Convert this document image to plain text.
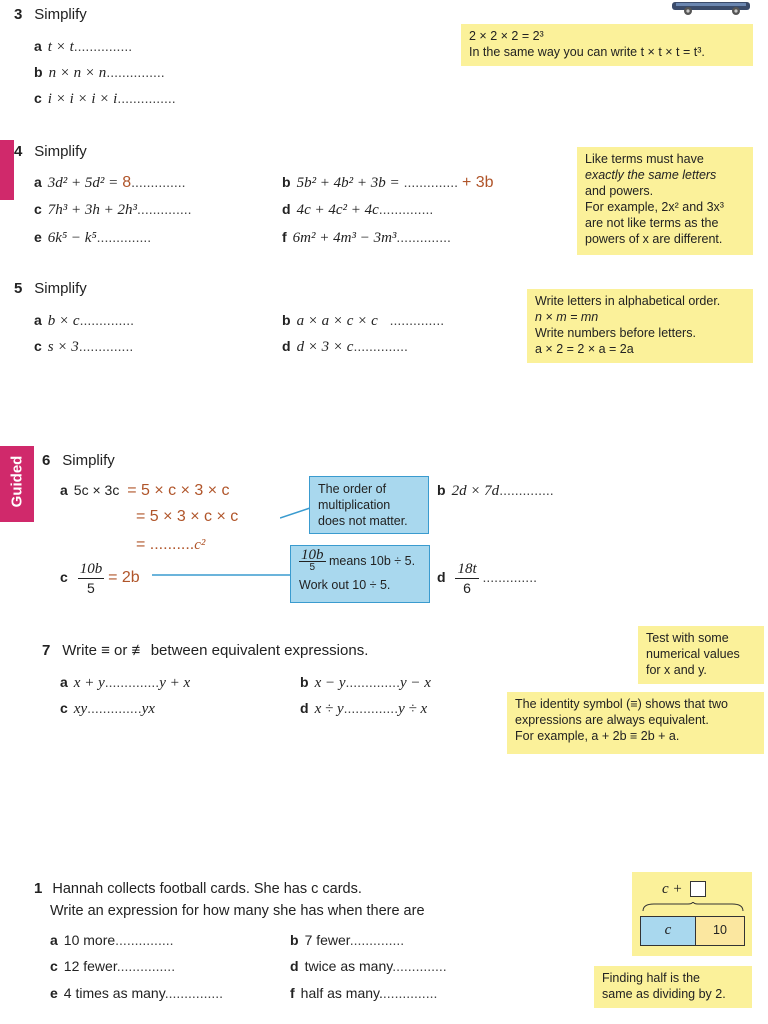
3 Simplify
a t × t...............
b n × n × n...............
c i × i × i × i...............
2 × 2 × 2 = 2³
In the same way you can write t × t × t = t³.
4 Simplify
a 3d² + 5d² = 8..............	b 5b² + 4b² + 3b = .............. + 3b
c 7h³ + 3h + 2h³..............	d 4c + 4c² + 4c..............
e 6k⁵ − k⁵..............	f 6m² + 4m³ − 3m³..............
Like terms must have
exactly the same letters
and powers.
For example, 2x² and 3x³
are not like terms as the
powers of x are different.
5 Simplify
a b × c..............	b a × a × c × c ..............
c s × 3..............	d d × 3 × c..............
Write letters in alphabetical order.
n × m = mn
Write numbers before letters.
a × 2 = 2 × a = 2a
Guided 6 Simplify
a 5c × 3c = 5 × c × 3 × c
= 5 × 3 × c × c
= ..........c²
The order of
multiplication
does not matter.
b 2d × 7d..............
c $\frac{10b}{5} = 2b$
$\frac{10b}{5}$ means 10b ÷ 5.
Work out 10 ÷ 5.	d $\frac{18t}{6}$ ..............
7 Write ≡ or ≢ between equivalent expressions.
a x + y..............y + x	b x − y..............y − x
c xy..............yx	d x ÷ y..............y ÷ x
Test with some
numerical values
for x and y.
The identity symbol (≡) shows that two
expressions are always equivalent.
For example, a + 2b ≡ 2b + a.
1 Hannah collects football cards. She has c cards.
Write an expression for how many she has when there are
a 10 more...............	b 7 fewer..............
c 12 fewer...............	d twice as many..............
e 4 times as many...............	f half as many...............
c +
c	10
Finding half is the
same as dividing by 2.
